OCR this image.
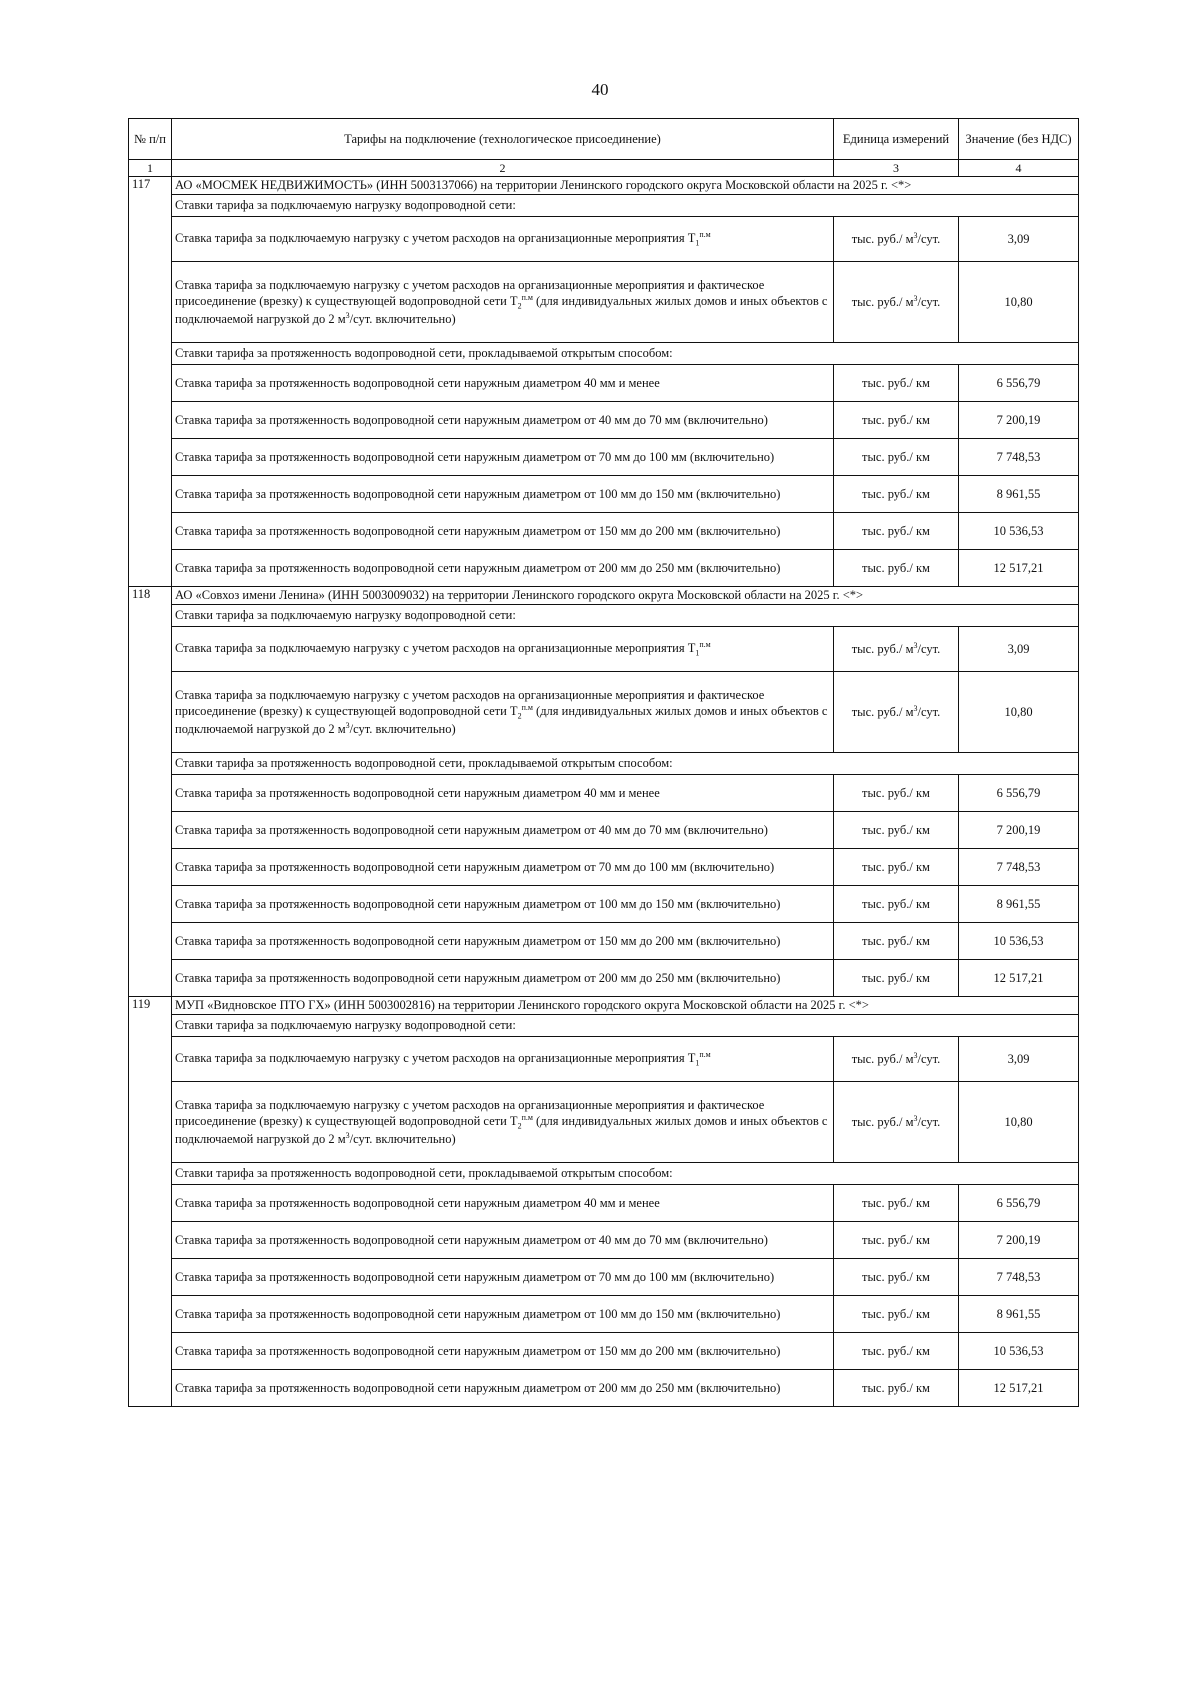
40
№ п/п	Тарифы на подключение (технологическое присоединение)	Единица измерений	Значение (без НДС)
1	2	3	4
117	АО «МОСМЕК НЕДВИЖИМОСТЬ» (ИНН 5003137066) на территории Ленинского городского округа Московской области на 2025 г. <*>		
	Ставки тарифа за подключаемую нагрузку водопроводной сети:		
	Ставка тарифа за подключаемую нагрузку с учетом расходов на организационные мероприятия $Т_1^{п.м}$	тыс. руб./ $м^3$/сут.	3,09
	Ставка тарифа за подключаемую нагрузку с учетом расходов на организационные мероприятия и фактическое присоединение (врезку) к существующей водопроводной сети $Т_2^{п.м}$ (для индивидуальных жилых домов и иных объектов с подключаемой нагрузкой до 2 $м^3$/сут. включительно)	тыс. руб./ $м^3$/сут.	10,80
	Ставки тарифа за протяженность водопроводной сети, прокладываемой открытым способом:		
	Ставка тарифа за протяженность водопроводной сети наружным диаметром 40 мм и менее	тыс. руб./ км	6 556,79
	Ставка тарифа за протяженность водопроводной сети наружным диаметром от 40 мм до 70 мм (включительно)	тыс. руб./ км	7 200,19
	Ставка тарифа за протяженность водопроводной сети наружным диаметром от 70 мм до 100 мм (включительно)	тыс. руб./ км	7 748,53
	Ставка тарифа за протяженность водопроводной сети наружным диаметром от 100 мм до 150 мм (включительно)	тыс. руб./ км	8 961,55
	Ставка тарифа за протяженность водопроводной сети наружным диаметром от 150 мм до 200 мм (включительно)	тыс. руб./ км	10 536,53
	Ставка тарифа за протяженность водопроводной сети наружным диаметром от 200 мм до 250 мм (включительно)	тыс. руб./ км	12 517,21
118	АО «Совхоз имени Ленина» (ИНН 5003009032) на территории Ленинского городского округа Московской области на 2025 г. <*>		
	Ставки тарифа за подключаемую нагрузку водопроводной сети:		
	Ставка тарифа за подключаемую нагрузку с учетом расходов на организационные мероприятия $Т_1^{п.м}$	тыс. руб./ $м^3$/сут.	3,09
	Ставка тарифа за подключаемую нагрузку с учетом расходов на организационные мероприятия и фактическое присоединение (врезку) к существующей водопроводной сети $Т_2^{п.м}$ (для индивидуальных жилых домов и иных объектов с подключаемой нагрузкой до 2 $м^3$/сут. включительно)	тыс. руб./ $м^3$/сут.	10,80
	Ставки тарифа за протяженность водопроводной сети, прокладываемой открытым способом:		
	Ставка тарифа за протяженность водопроводной сети наружным диаметром 40 мм и менее	тыс. руб./ км	6 556,79
	Ставка тарифа за протяженность водопроводной сети наружным диаметром от 40 мм до 70 мм (включительно)	тыс. руб./ км	7 200,19
	Ставка тарифа за протяженность водопроводной сети наружным диаметром от 70 мм до 100 мм (включительно)	тыс. руб./ км	7 748,53
	Ставка тарифа за протяженность водопроводной сети наружным диаметром от 100 мм до 150 мм (включительно)	тыс. руб./ км	8 961,55
	Ставка тарифа за протяженность водопроводной сети наружным диаметром от 150 мм до 200 мм (включительно)	тыс. руб./ км	10 536,53
	Ставка тарифа за протяженность водопроводной сети наружным диаметром от 200 мм до 250 мм (включительно)	тыс. руб./ км	12 517,21
119	МУП «Видновское ПТО ГХ» (ИНН 5003002816) на территории Ленинского городского округа Московской области на 2025 г. <*>		
	Ставки тарифа за подключаемую нагрузку водопроводной сети:		
	Ставка тарифа за подключаемую нагрузку с учетом расходов на организационные мероприятия $Т_1^{п.м}$	тыс. руб./ $м^3$/сут.	3,09
	Ставка тарифа за подключаемую нагрузку с учетом расходов на организационные мероприятия и фактическое присоединение (врезку) к существующей водопроводной сети $Т_2^{п.м}$ (для индивидуальных жилых домов и иных объектов с подключаемой нагрузкой до 2 $м^3$/сут. включительно)	тыс. руб./ $м^3$/сут.	10,80
	Ставки тарифа за протяженность водопроводной сети, прокладываемой открытым способом:		
	Ставка тарифа за протяженность водопроводной сети наружным диаметром 40 мм и менее	тыс. руб./ км	6 556,79
	Ставка тарифа за протяженность водопроводной сети наружным диаметром от 40 мм до 70 мм (включительно)	тыс. руб./ км	7 200,19
	Ставка тарифа за протяженность водопроводной сети наружным диаметром от 70 мм до 100 мм (включительно)	тыс. руб./ км	7 748,53
	Ставка тарифа за протяженность водопроводной сети наружным диаметром от 100 мм до 150 мм (включительно)	тыс. руб./ км	8 961,55
	Ставка тарифа за протяженность водопроводной сети наружным диаметром от 150 мм до 200 мм (включительно)	тыс. руб./ км	10 536,53
	Ставка тарифа за протяженность водопроводной сети наружным диаметром от 200 мм до 250 мм (включительно)	тыс. руб./ км	12 517,21
